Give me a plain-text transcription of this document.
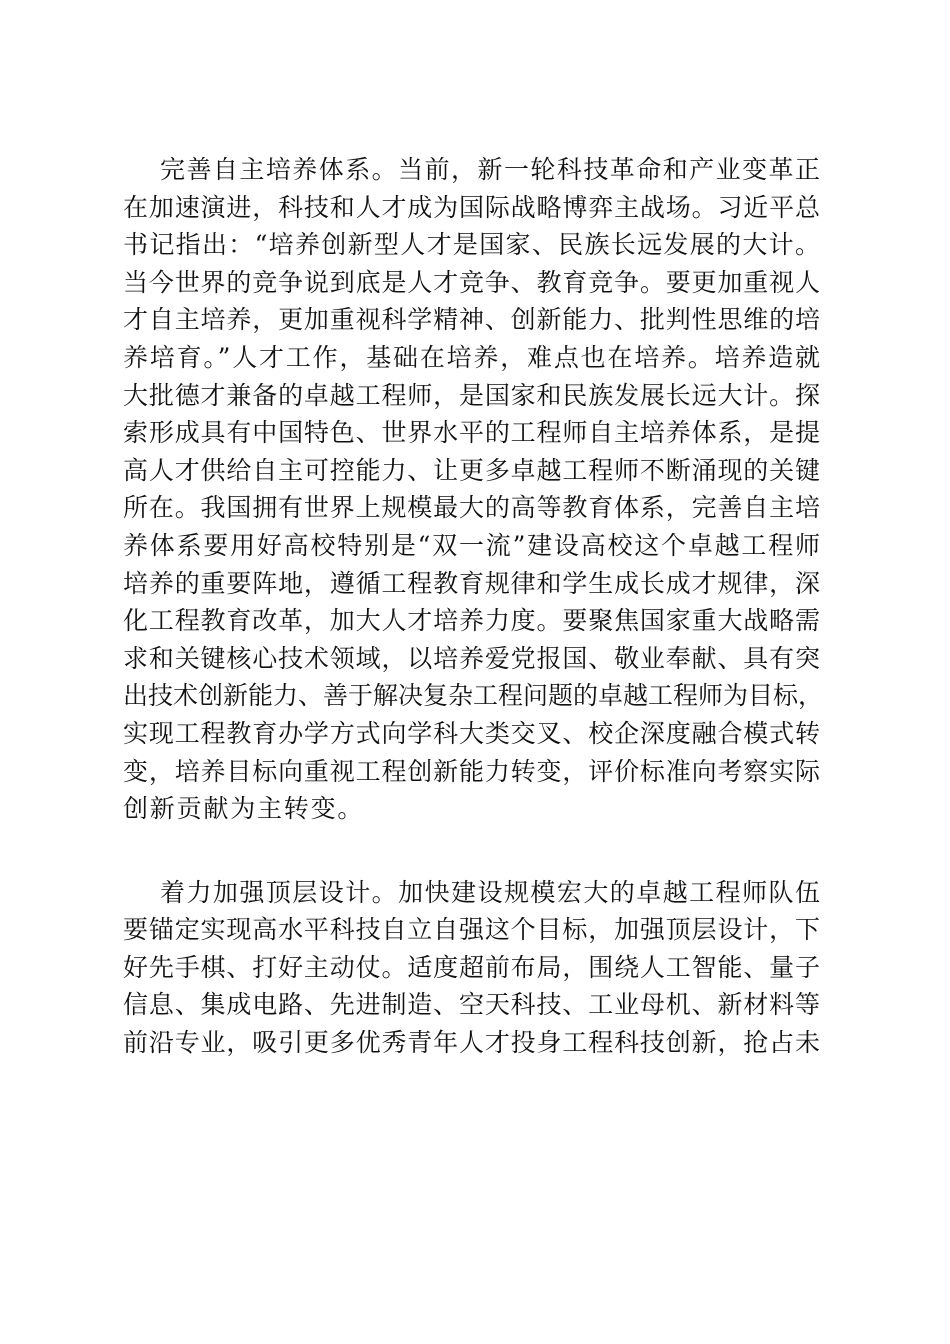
完善自主培养体系。当前，新一轮科技革命和产业变革正
在加速演进，科技和人才成为国际战略博弈主战场。习近平总
书记指出：“培养创新型人才是国家、民族长远发展的大计。
当今世界的竞争说到底是人才竞争、教育竞争。要更加重视人
才自主培养，更加重视科学精神、创新能力、批判性思维的培
养培育。”人才工作，基础在培养，难点也在培养。培养造就
大批德才兼备的卓越工程师，是国家和民族发展长远大计。探
索形成具有中国特色、世界水平的工程师自主培养体系，是提
高人才供给自主可控能力、让更多卓越工程师不断涌现的关键
所在。我国拥有世界上规模最大的高等教育体系，完善自主培
养体系要用好高校特别是“双一流”建设高校这个卓越工程师
培养的重要阵地，遵循工程教育规律和学生成长成才规律，深
化工程教育改革，加大人才培养力度。要聚焦国家重大战略需
求和关键核心技术领域，以培养爱党报国、敬业奉献、具有突
出技术创新能力、善于解决复杂工程问题的卓越工程师为目标，
实现工程教育办学方式向学科大类交叉、校企深度融合模式转
变，培养目标向重视工程创新能力转变，评价标准向考察实际
创新贡献为主转变。
着力加强顶层设计。加快建设规模宏大的卓越工程师队伍
要锚定实现高水平科技自立自强这个目标，加强顶层设计，下
好先手棋、打好主动仗。适度超前布局，围绕人工智能、量子
信息、集成电路、先进制造、空天科技、工业母机、新材料等
前沿专业，吸引更多优秀青年人才投身工程科技创新，抢占未
